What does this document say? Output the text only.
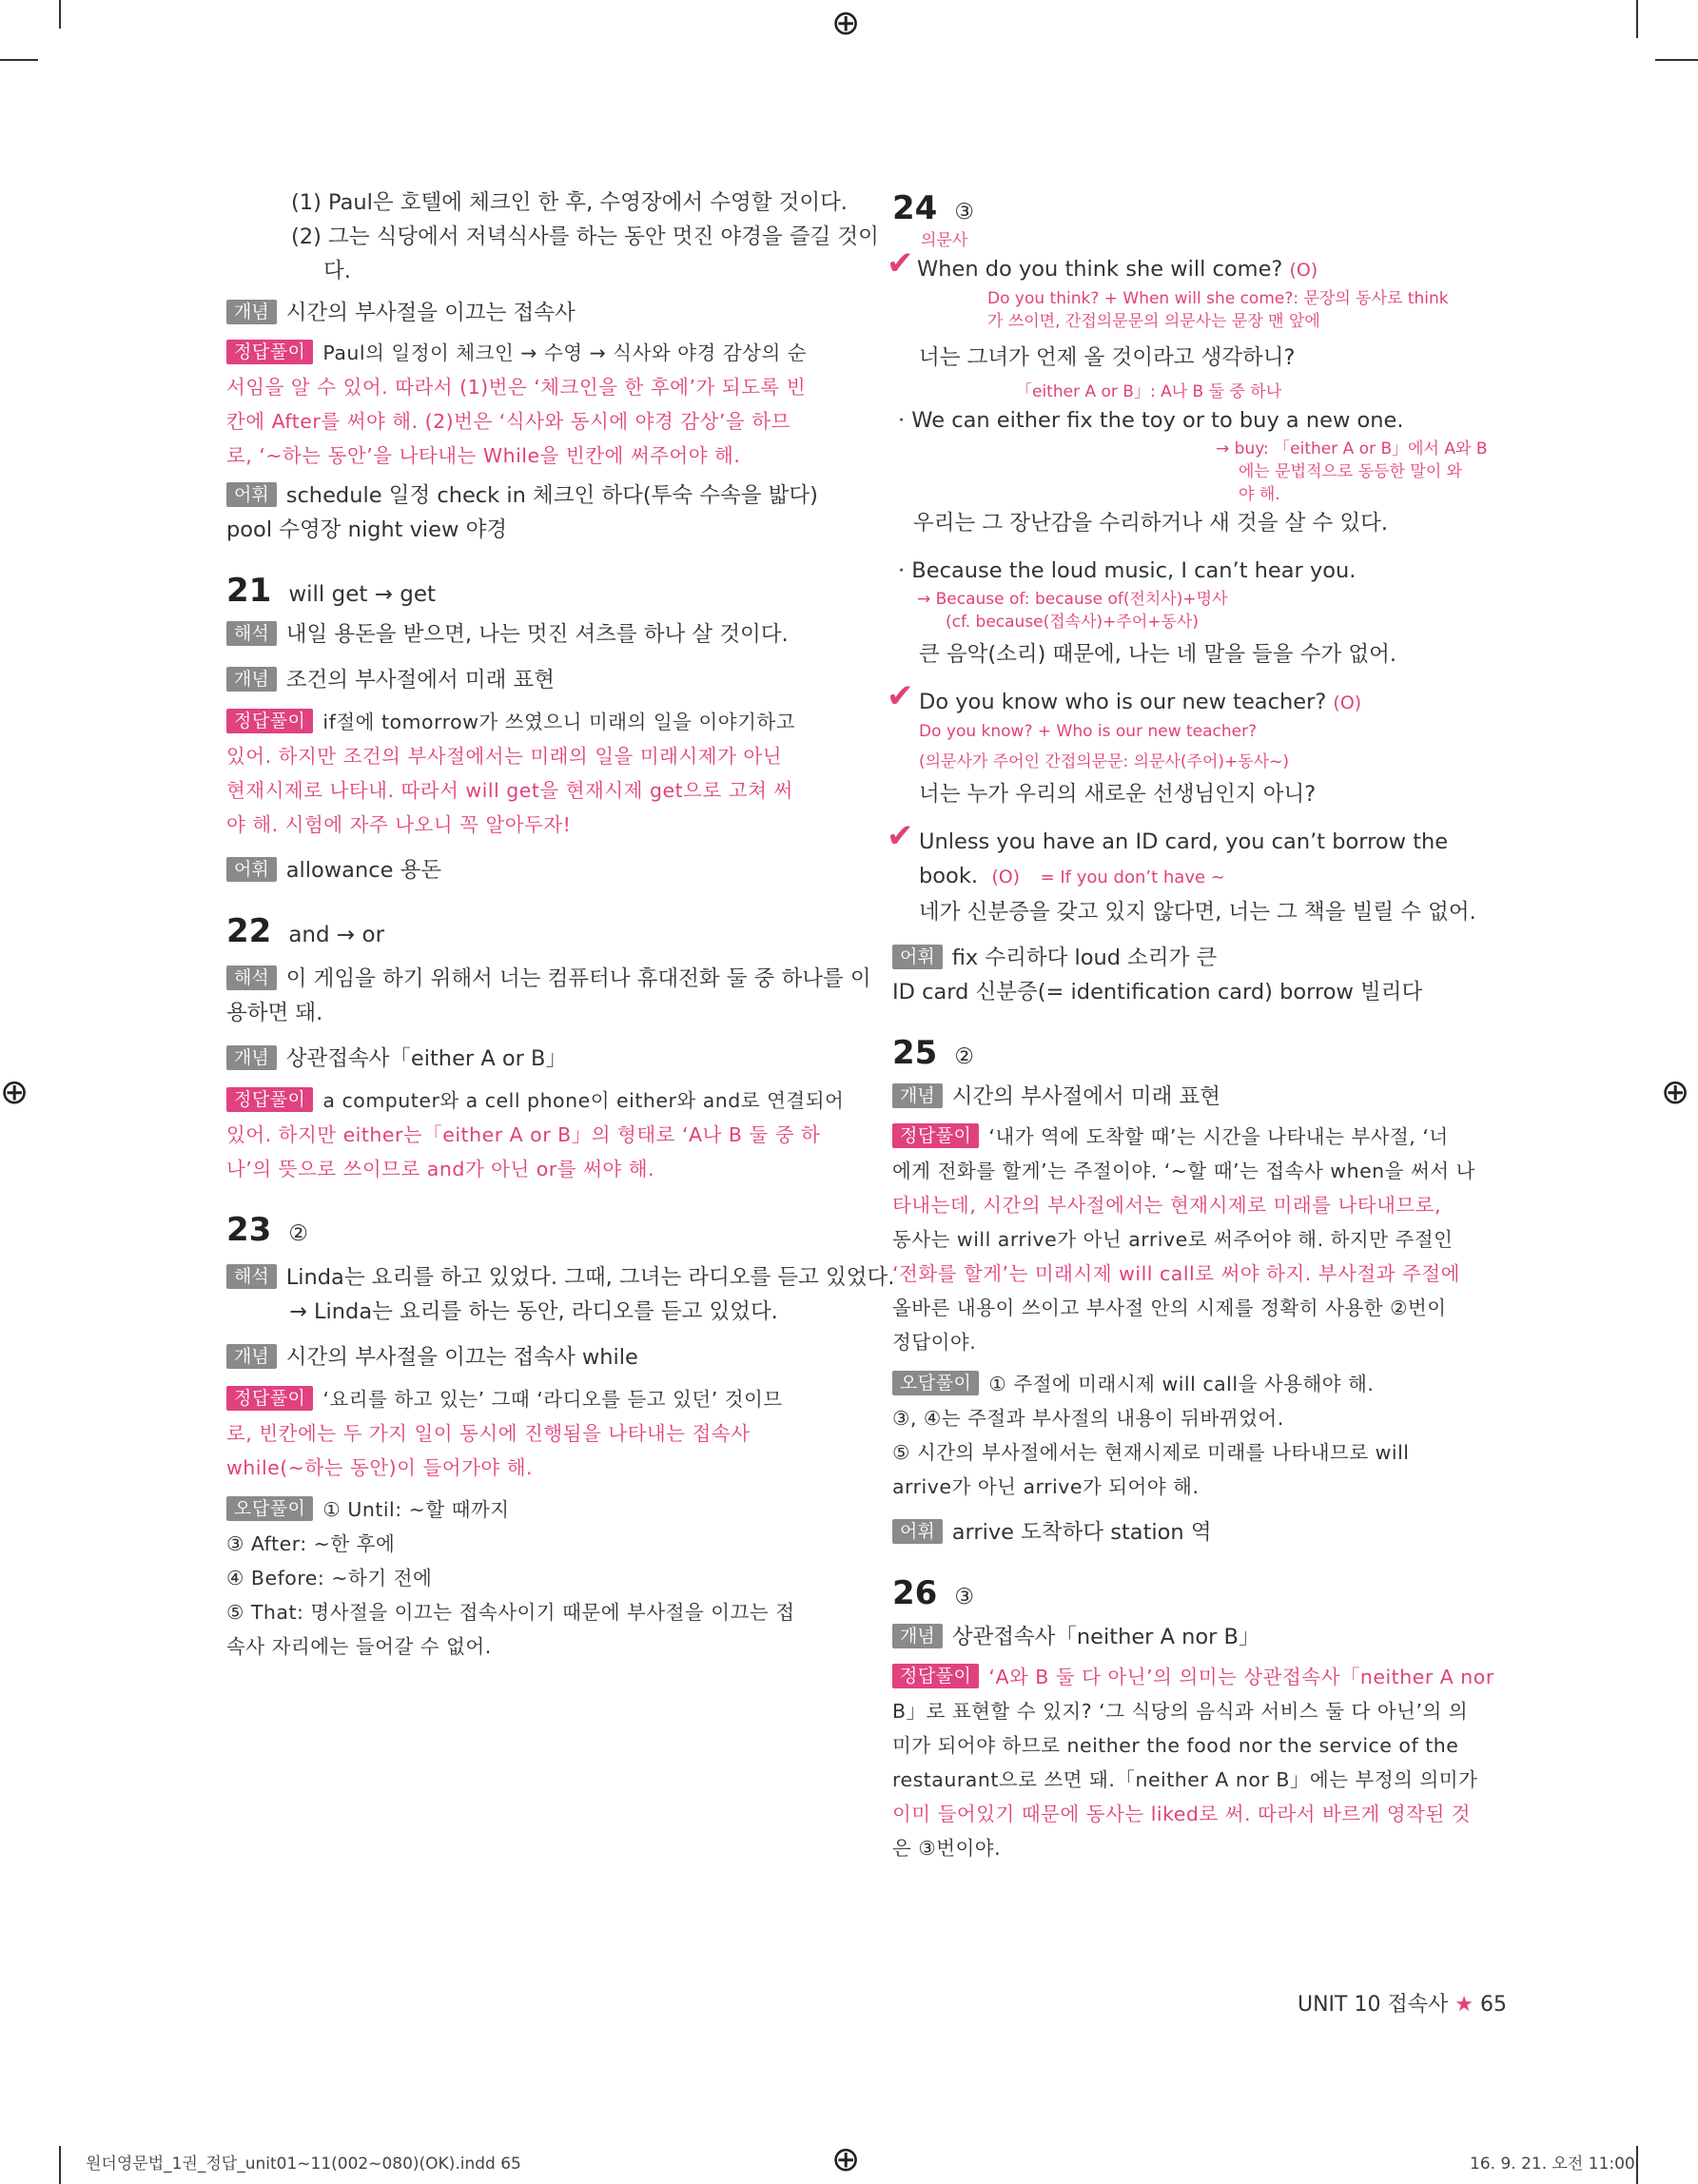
⊕
⊕	⊕
⊕
(1) Paul은 호텔에 체크인 한 후, 수영장에서 수영할 것이다.
(2) 그는 식당에서 저녁식사를 하는 동안 멋진 야경을 즐길 것이
다.
개념 시간의 부사절을 이끄는 접속사
정답풀이 Paul의 일정이 체크인 → 수영 → 식사와 야경 감상의 순
서임을 알 수 있어. 따라서 (1)번은 ‘체크인을 한 후에’가 되도록 빈
칸에 After를 써야 해. (2)번은 ‘식사와 동시에 야경 감상’을 하므
로, ‘~하는 동안’을 나타내는 While을 빈칸에 써주어야 해.
어휘 schedule 일정 check in 체크인 하다(투숙 수속을 밟다)
pool 수영장 night view 야경
21 will get → get
해석 내일 용돈을 받으면, 나는 멋진 셔츠를 하나 살 것이다.
개념 조건의 부사절에서 미래 표현
정답풀이 if절에 tomorrow가 쓰였으니 미래의 일을 이야기하고
있어. 하지만 조건의 부사절에서는 미래의 일을 미래시제가 아닌
현재시제로 나타내. 따라서 will get을 현재시제 get으로 고쳐 써
야 해. 시험에 자주 나오니 꼭 알아두자!
어휘 allowance 용돈
22 and → or
해석 이 게임을 하기 위해서 너는 컴퓨터나 휴대전화 둘 중 하나를 이
용하면 돼.
개념 상관접속사「either A or B」
정답풀이 a computer와 a cell phone이 either와 and로 연결되어
있어. 하지만 either는「either A or B」의 형태로 ‘A나 B 둘 중 하
나’의 뜻으로 쓰이므로 and가 아닌 or를 써야 해.
23 ②
해석 Linda는 요리를 하고 있었다. 그때, 그녀는 라디오를 듣고 있었다.
→ Linda는 요리를 하는 동안, 라디오를 듣고 있었다.
개념 시간의 부사절을 이끄는 접속사 while
정답풀이 ‘요리를 하고 있는’ 그때 ‘라디오를 듣고 있던’ 것이므
로, 빈칸에는 두 가지 일이 동시에 진행됨을 나타내는 접속사
while(~하는 동안)이 들어가야 해.
오답풀이 ① Until: ~할 때까지
③ After: ~한 후에
④ Before: ~하기 전에
⑤ That: 명사절을 이끄는 접속사이기 때문에 부사절을 이끄는 접
속사 자리에는 들어갈 수 없어.
24 ③
의문사
✔ When do you think she will come? (O)
Do you think? + When will she come?: 문장의 동사로 think
가 쓰이면, 간접의문문의 의문사는 문장 맨 앞에
너는 그녀가 언제 올 것이라고 생각하니?
「either A or B」: A나 B 둘 중 하나
· We can either fix the toy or to buy a new one.
→ buy: 「either A or B」에서 A와 B
에는 문법적으로 동등한 말이 와
야 해.
우리는 그 장난감을 수리하거나 새 것을 살 수 있다.
· Because the loud music, I can’t hear you.
→ Because of: because of(전치사)+명사
(cf. because(접속사)+주어+동사)
큰 음악(소리) 때문에, 나는 네 말을 들을 수가 없어.
✔ Do you know who is our new teacher? (O)
Do you know? + Who is our new teacher?
(의문사가 주어인 간접의문문: 의문사(주어)+동사~)
너는 누가 우리의 새로운 선생님인지 아니?
✔ Unless you have an ID card, you can’t borrow the
book. (O) = If you don’t have ~
네가 신분증을 갖고 있지 않다면, 너는 그 책을 빌릴 수 없어.
어휘 fix 수리하다 loud 소리가 큰
ID card 신분증(= identification card) borrow 빌리다
25 ②
개념 시간의 부사절에서 미래 표현
정답풀이 ‘내가 역에 도착할 때’는 시간을 나타내는 부사절, ‘너
에게 전화를 할게’는 주절이야. ‘~할 때’는 접속사 when을 써서 나
타내는데, 시간의 부사절에서는 현재시제로 미래를 나타내므로,
동사는 will arrive가 아닌 arrive로 써주어야 해. 하지만 주절인
‘전화를 할게’는 미래시제 will call로 써야 하지. 부사절과 주절에
올바른 내용이 쓰이고 부사절 안의 시제를 정확히 사용한 ②번이
정답이야.
오답풀이 ① 주절에 미래시제 will call을 사용해야 해.
③, ④는 주절과 부사절의 내용이 뒤바뀌었어.
⑤ 시간의 부사절에서는 현재시제로 미래를 나타내므로 will
arrive가 아닌 arrive가 되어야 해.
어휘 arrive 도착하다 station 역
26 ③
개념 상관접속사「neither A nor B」
정답풀이 ‘A와 B 둘 다 아닌’의 의미는 상관접속사「neither A nor
B」로 표현할 수 있지? ‘그 식당의 음식과 서비스 둘 다 아닌’의 의
미가 되어야 하므로 neither the food nor the service of the
restaurant으로 쓰면 돼.「neither A nor B」에는 부정의 의미가
이미 들어있기 때문에 동사는 liked로 써. 따라서 바르게 영작된 것
은 ③번이야.
UNIT 10 접속사 ★ 65
원더영문법_1권_정답_unit01~11(002~080)(OK).indd 65	16. 9. 21. 오전 11:00
